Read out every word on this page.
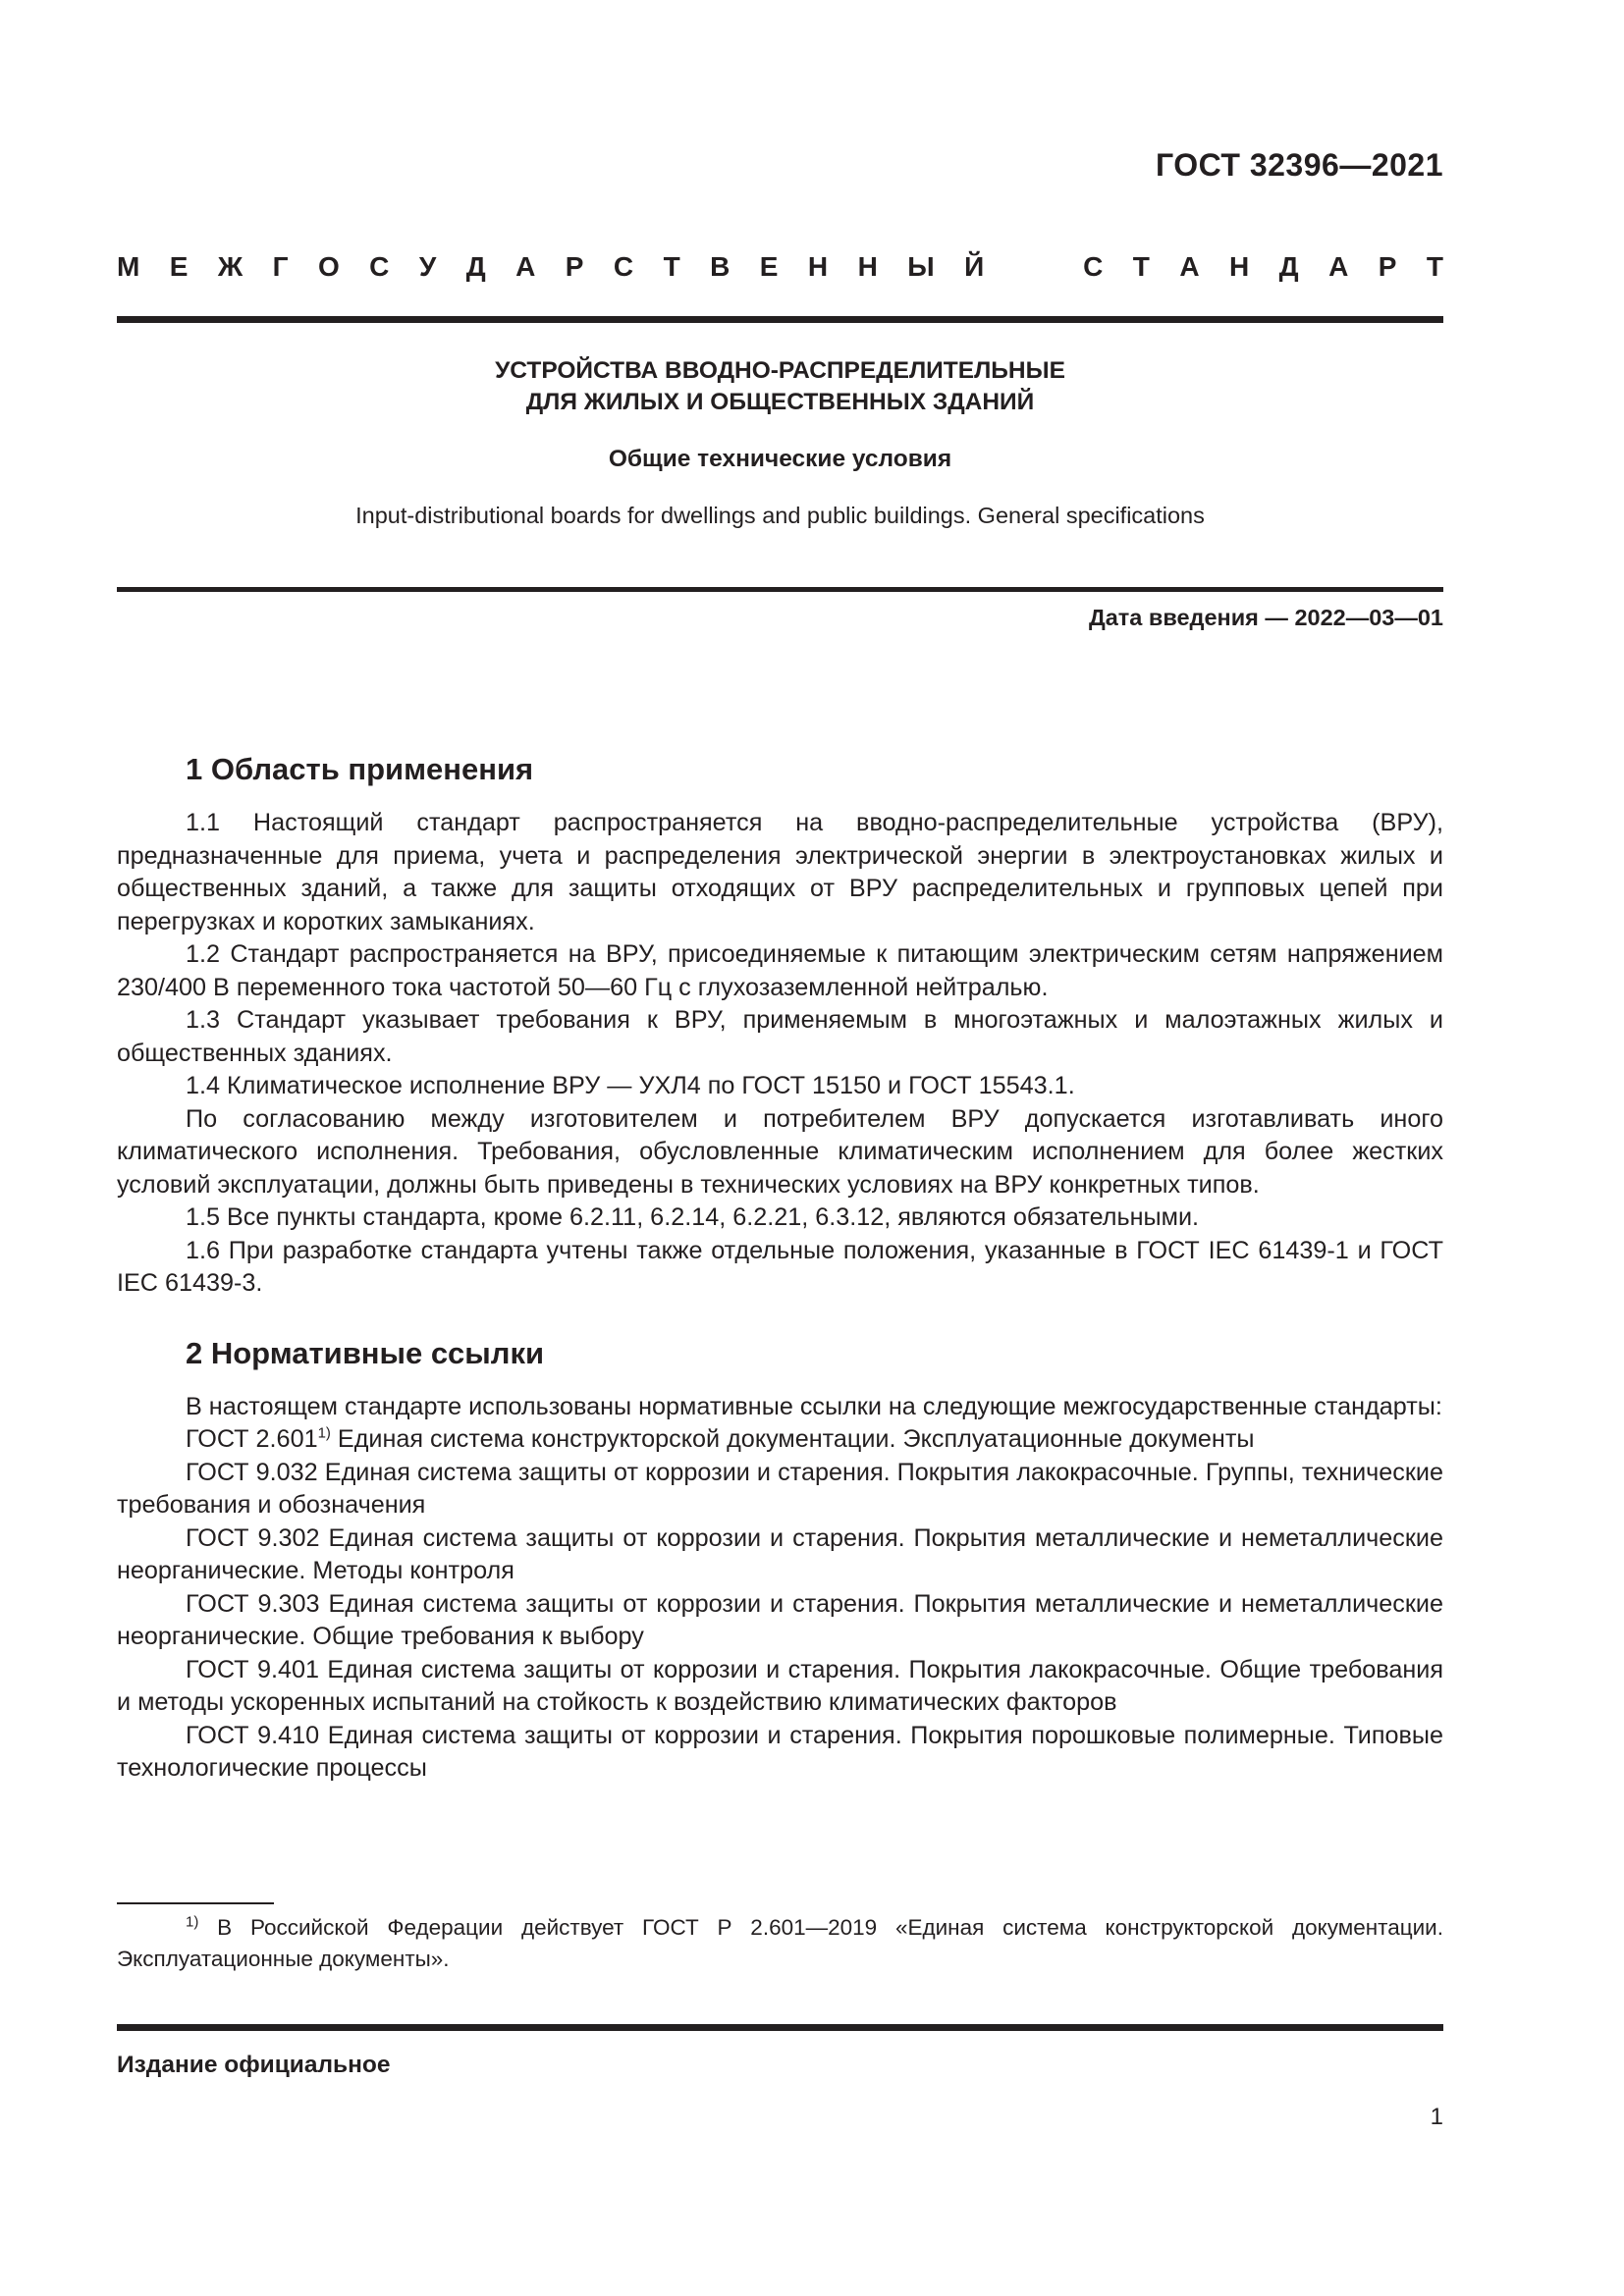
ГОСТ 32396—2021
М Е Ж Г О С У Д А Р С Т В Е Н Н Ы Й	С Т А Н Д А Р Т
УСТРОЙСТВА ВВОДНО-РАСПРЕДЕЛИТЕЛЬНЫЕ
ДЛЯ ЖИЛЫХ И ОБЩЕСТВЕННЫХ ЗДАНИЙ
Общие технические условия
Input-distributional boards for dwellings and public buildings. General specifications
Дата введения — 2022—03—01
1 Область применения

1.1 Настоящий стандарт распространяется на вводно-распределительные устройства (ВРУ), предназначенные для приема, учета и распределения электрической энергии в электроустановках жилых и общественных зданий, а также для защиты отходящих от ВРУ распределительных и групповых цепей при перегрузках и коротких замыканиях.

1.2 Стандарт распространяется на ВРУ, присоединяемые к питающим электрическим сетям напряжением 230/400 В переменного тока частотой 50—60 Гц с глухозаземленной нейтралью.

1.3 Стандарт указывает требования к ВРУ, применяемым в многоэтажных и малоэтажных жилых и общественных зданиях.

1.4 Климатическое исполнение ВРУ — УХЛ4 по ГОСТ 15150 и ГОСТ 15543.1.

По согласованию между изготовителем и потребителем ВРУ допускается изготавливать иного климатического исполнения. Требования, обусловленные климатическим исполнением для более жестких условий эксплуатации, должны быть приведены в технических условиях на ВРУ конкретных типов.

1.5 Все пункты стандарта, кроме 6.2.11, 6.2.14, 6.2.21, 6.3.12, являются обязательными.

1.6 При разработке стандарта учтены также отдельные положения, указанные в ГОСТ IEC 61439-1 и ГОСТ IEC 61439-3.

2 Нормативные ссылки

В настоящем стандарте использованы нормативные ссылки на следующие межгосударственные стандарты:

ГОСТ 2.601$^{1)}$ Единая система конструкторской документации. Эксплуатационные документы

ГОСТ 9.032 Единая система защиты от коррозии и старения. Покрытия лакокрасочные. Группы, технические требования и обозначения

ГОСТ 9.302 Единая система защиты от коррозии и старения. Покрытия металлические и неметаллические неорганические. Методы контроля

ГОСТ 9.303 Единая система защиты от коррозии и старения. Покрытия металлические и неметаллические неорганические. Общие требования к выбору

ГОСТ 9.401 Единая система защиты от коррозии и старения. Покрытия лакокрасочные. Общие требования и методы ускоренных испытаний на стойкость к воздействию климатических факторов

ГОСТ 9.410 Единая система защиты от коррозии и старения. Покрытия порошковые полимерные. Типовые технологические процессы

$^{1)}$ В Российской Федерации действует ГОСТ Р 2.601—2019 «Единая система конструкторской документации. Эксплуатационные документы».
Издание официальное
1
